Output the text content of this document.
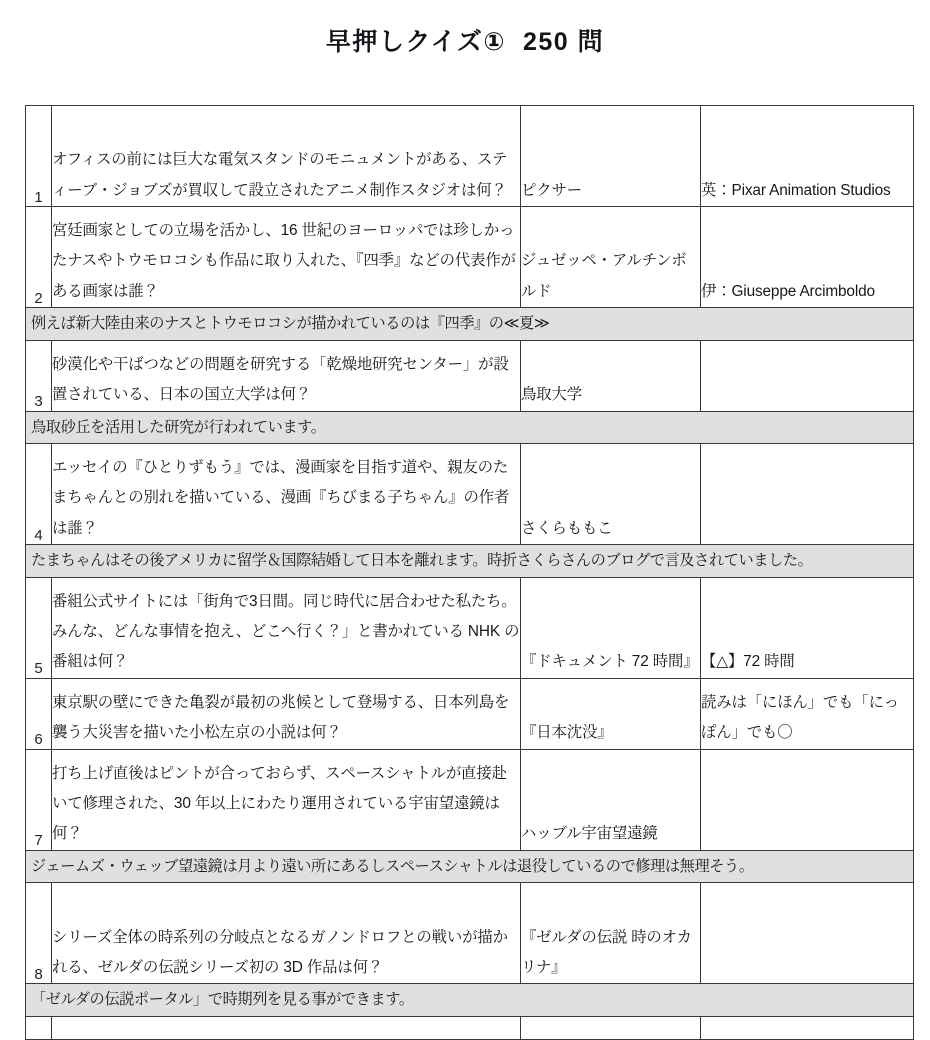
早押しクイズ①  250 問
1	オフィスの前には巨大な電気スタンドのモニュメントがある、スティーブ・ジョブズが買収して設立されたアニメ制作スタジオは何？	ピクサー	英：Pixar Animation Studios
2	宮廷画家としての立場を活かし、16 世紀のヨーロッパでは珍しかったナスやトウモロコシも作品に取り入れた、『四季』などの代表作がある画家は誰？	ジュゼッペ・アルチンボルド	伊：Giuseppe Arcimboldo
例えば新大陸由来のナスとトウモロコシが描かれているのは『四季』の≪夏≫			
3	砂漠化や干ばつなどの問題を研究する「乾燥地研究センター」が設置されている、日本の国立大学は何？	鳥取大学	
鳥取砂丘を活用した研究が行われています。			
4	エッセイの『ひとりずもう』では、漫画家を目指す道や、親友のたまちゃんとの別れを描いている、漫画『ちびまる子ちゃん』の作者は誰？	さくらももこ	
たまちゃんはその後アメリカに留学＆国際結婚して日本を離れます。時折さくらさんのブログで言及されていました。			
5	番組公式サイトには「街角で3日間。同じ時代に居合わせた私たち。みんな、どんな事情を抱え、どこへ行く？」と書かれている NHK の番組は何？	『ドキュメント 72 時間』	【△】72 時間
6	東京駅の壁にできた亀裂が最初の兆候として登場する、日本列島を襲う大災害を描いた小松左京の小説は何？	『日本沈没』	読みは「にほん」でも「にっぽん」でも〇
7	打ち上げ直後はピントが合っておらず、スペースシャトルが直接赴いて修理された、30 年以上にわたり運用されている宇宙望遠鏡は何？	ハッブル宇宙望遠鏡	
ジェームズ・ウェッブ望遠鏡は月より遠い所にあるしスペースシャトルは退役しているので修理は無理そう。			
8	シリーズ全体の時系列の分岐点となるガノンドロフとの戦いが描かれる、ゼルダの伝説シリーズ初の 3D 作品は何？	『ゼルダの伝説 時のオカリナ』	
「ゼルダの伝説ポータル」で時期列を見る事ができます。			
